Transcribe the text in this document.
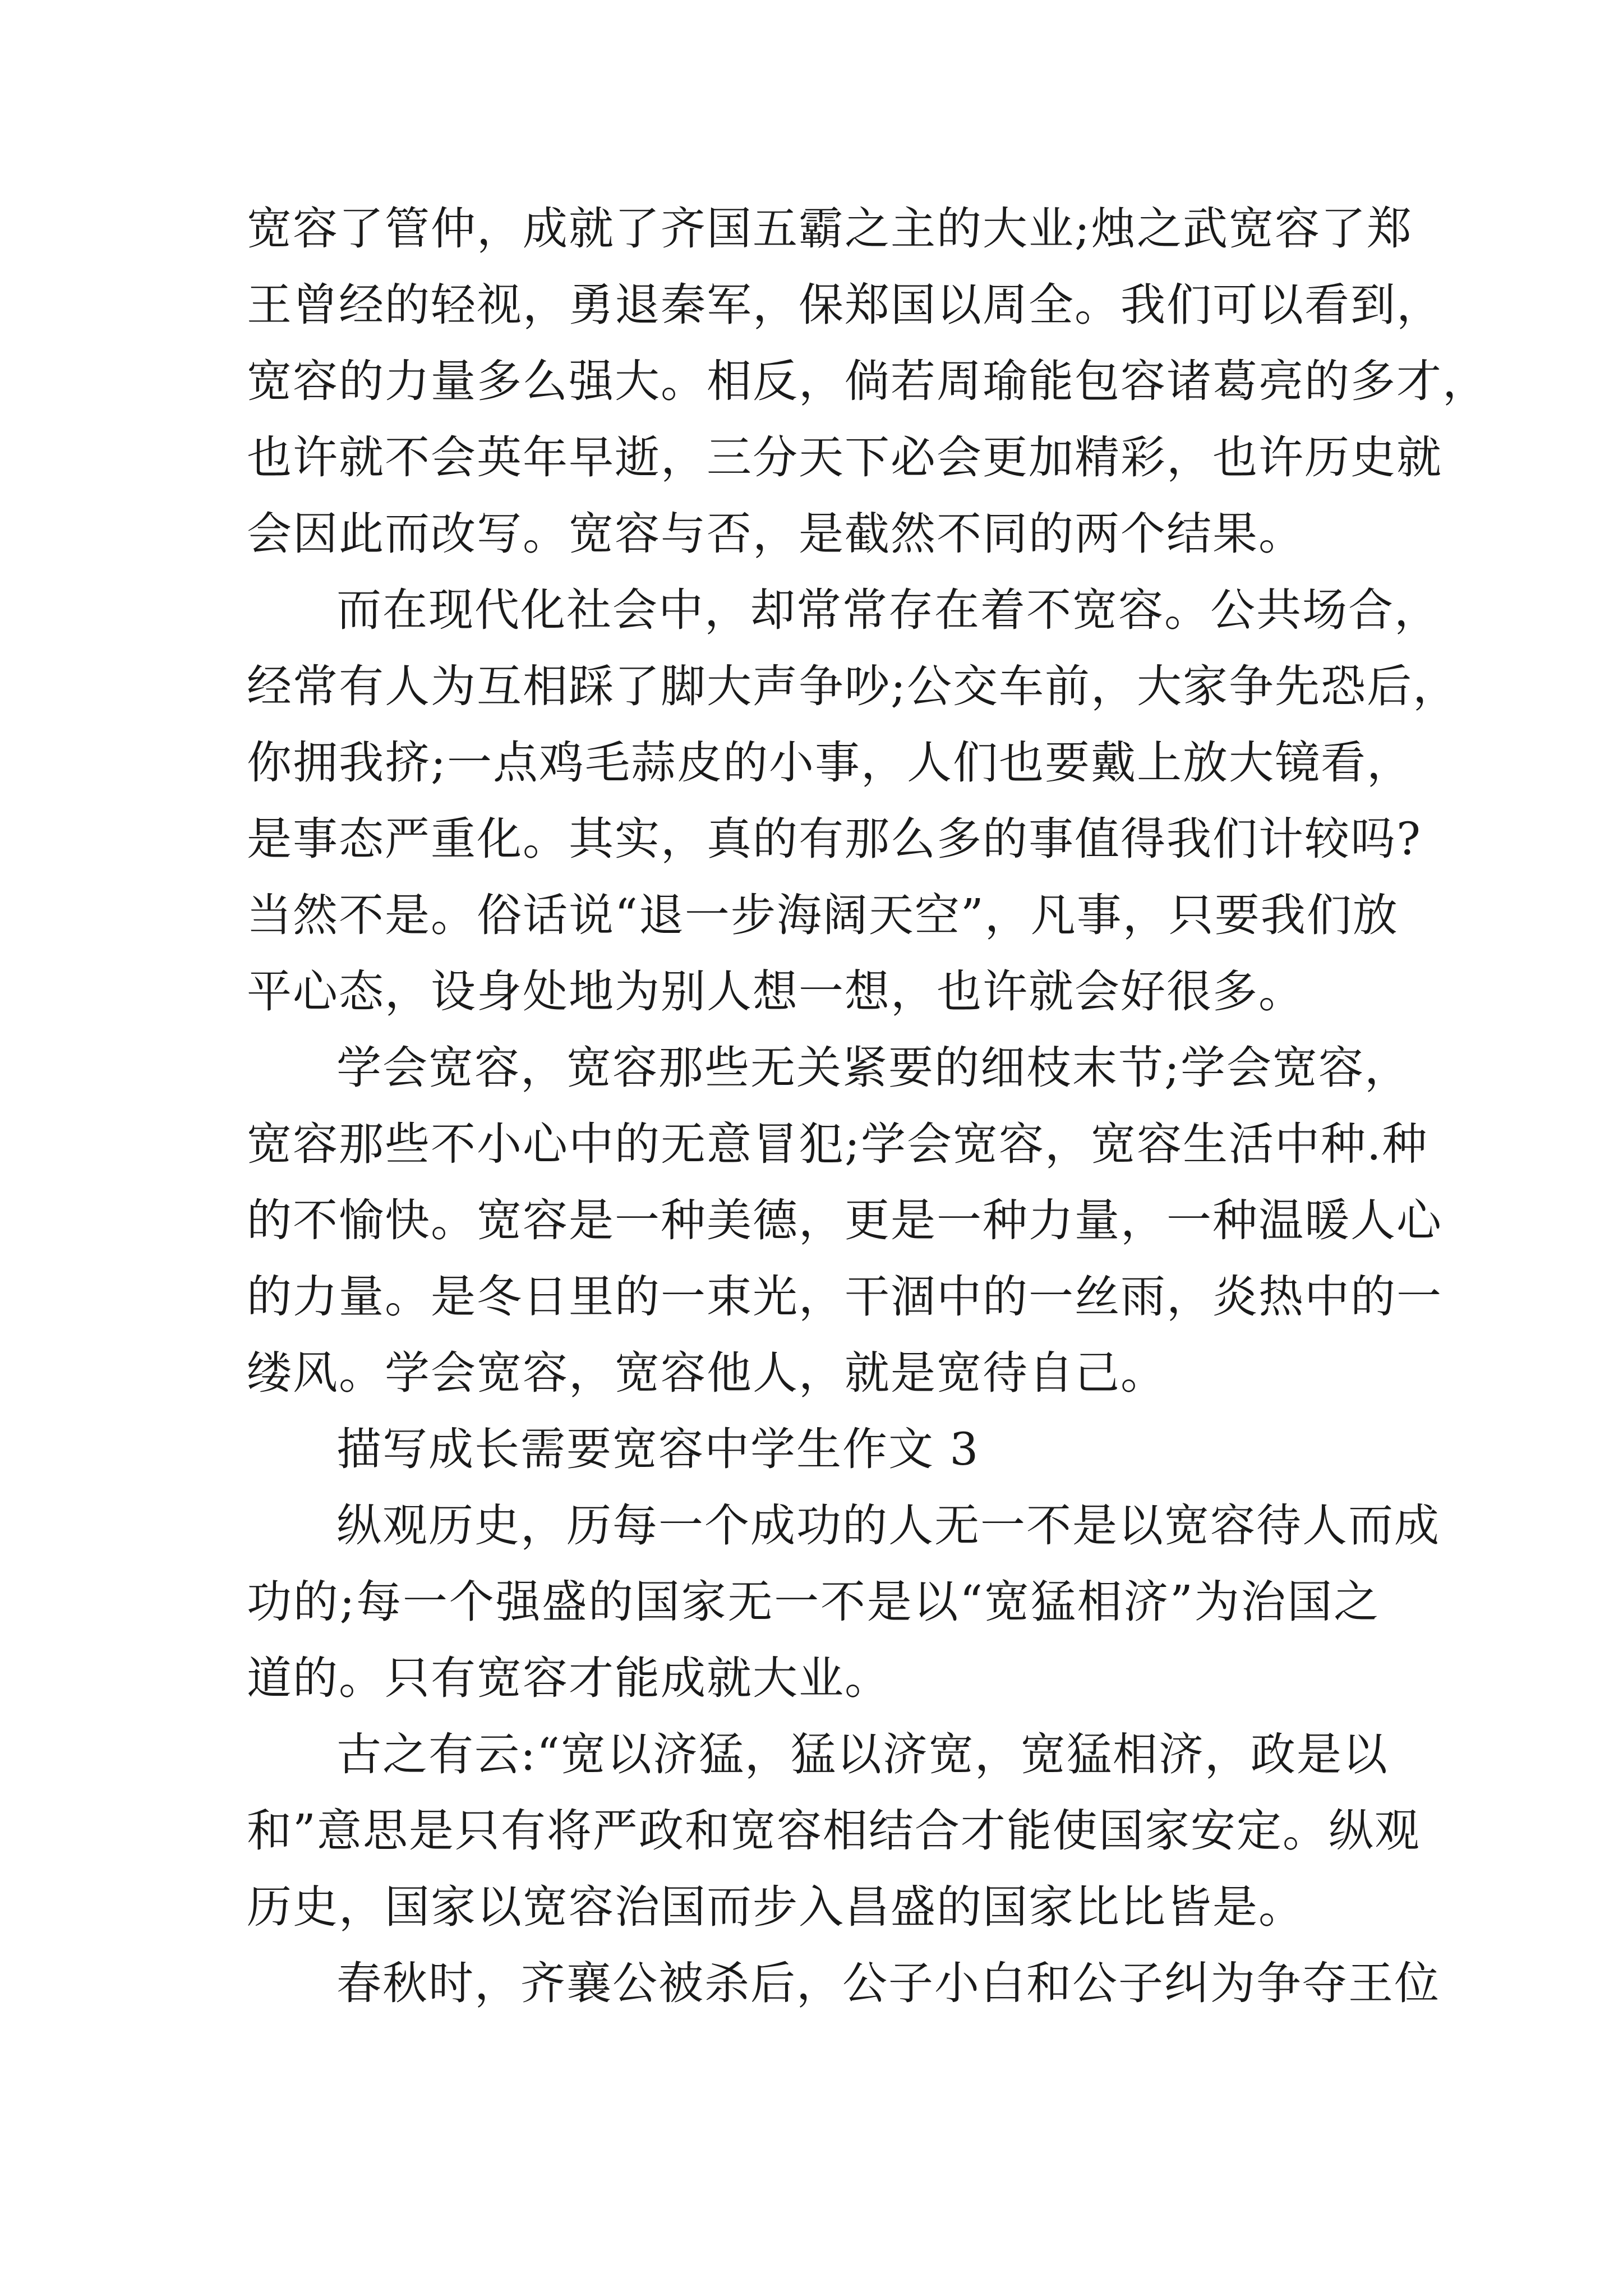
宽容了管仲，成就了齐国五霸之主的大业;烛之武宽容了郑
王曾经的轻视，勇退秦军，保郑国以周全。我们可以看到，
宽容的力量多么强大。相反，倘若周瑜能包容诸葛亮的多才，
也许就不会英年早逝，三分天下必会更加精彩，也许历史就
会因此而改写。宽容与否，是截然不同的两个结果。
而在现代化社会中，却常常存在着不宽容。公共场合，
经常有人为互相踩了脚大声争吵;公交车前，大家争先恐后，
你拥我挤;一点鸡毛蒜皮的小事，人们也要戴上放大镜看，
是事态严重化。其实，真的有那么多的事值得我们计较吗?
当然不是。俗话说“退一步海阔天空”，凡事，只要我们放
平心态，设身处地为别人想一想，也许就会好很多。
学会宽容，宽容那些无关紧要的细枝末节;学会宽容，
宽容那些不小心中的无意冒犯;学会宽容，宽容生活中种.种
的不愉快。宽容是一种美德，更是一种力量，一种温暖人心
的力量。是冬日里的一束光，干涸中的一丝雨，炎热中的一
缕风。学会宽容，宽容他人，就是宽待自己。
描写成长需要宽容中学生作文 3
纵观历史，历每一个成功的人无一不是以宽容待人而成
功的;每一个强盛的国家无一不是以“宽猛相济”为治国之
道的。只有宽容才能成就大业。
古之有云:“宽以济猛，猛以济宽，宽猛相济，政是以
和”意思是只有将严政和宽容相结合才能使国家安定。纵观
历史，国家以宽容治国而步入昌盛的国家比比皆是。
春秋时，齐襄公被杀后，公子小白和公子纠为争夺王位
